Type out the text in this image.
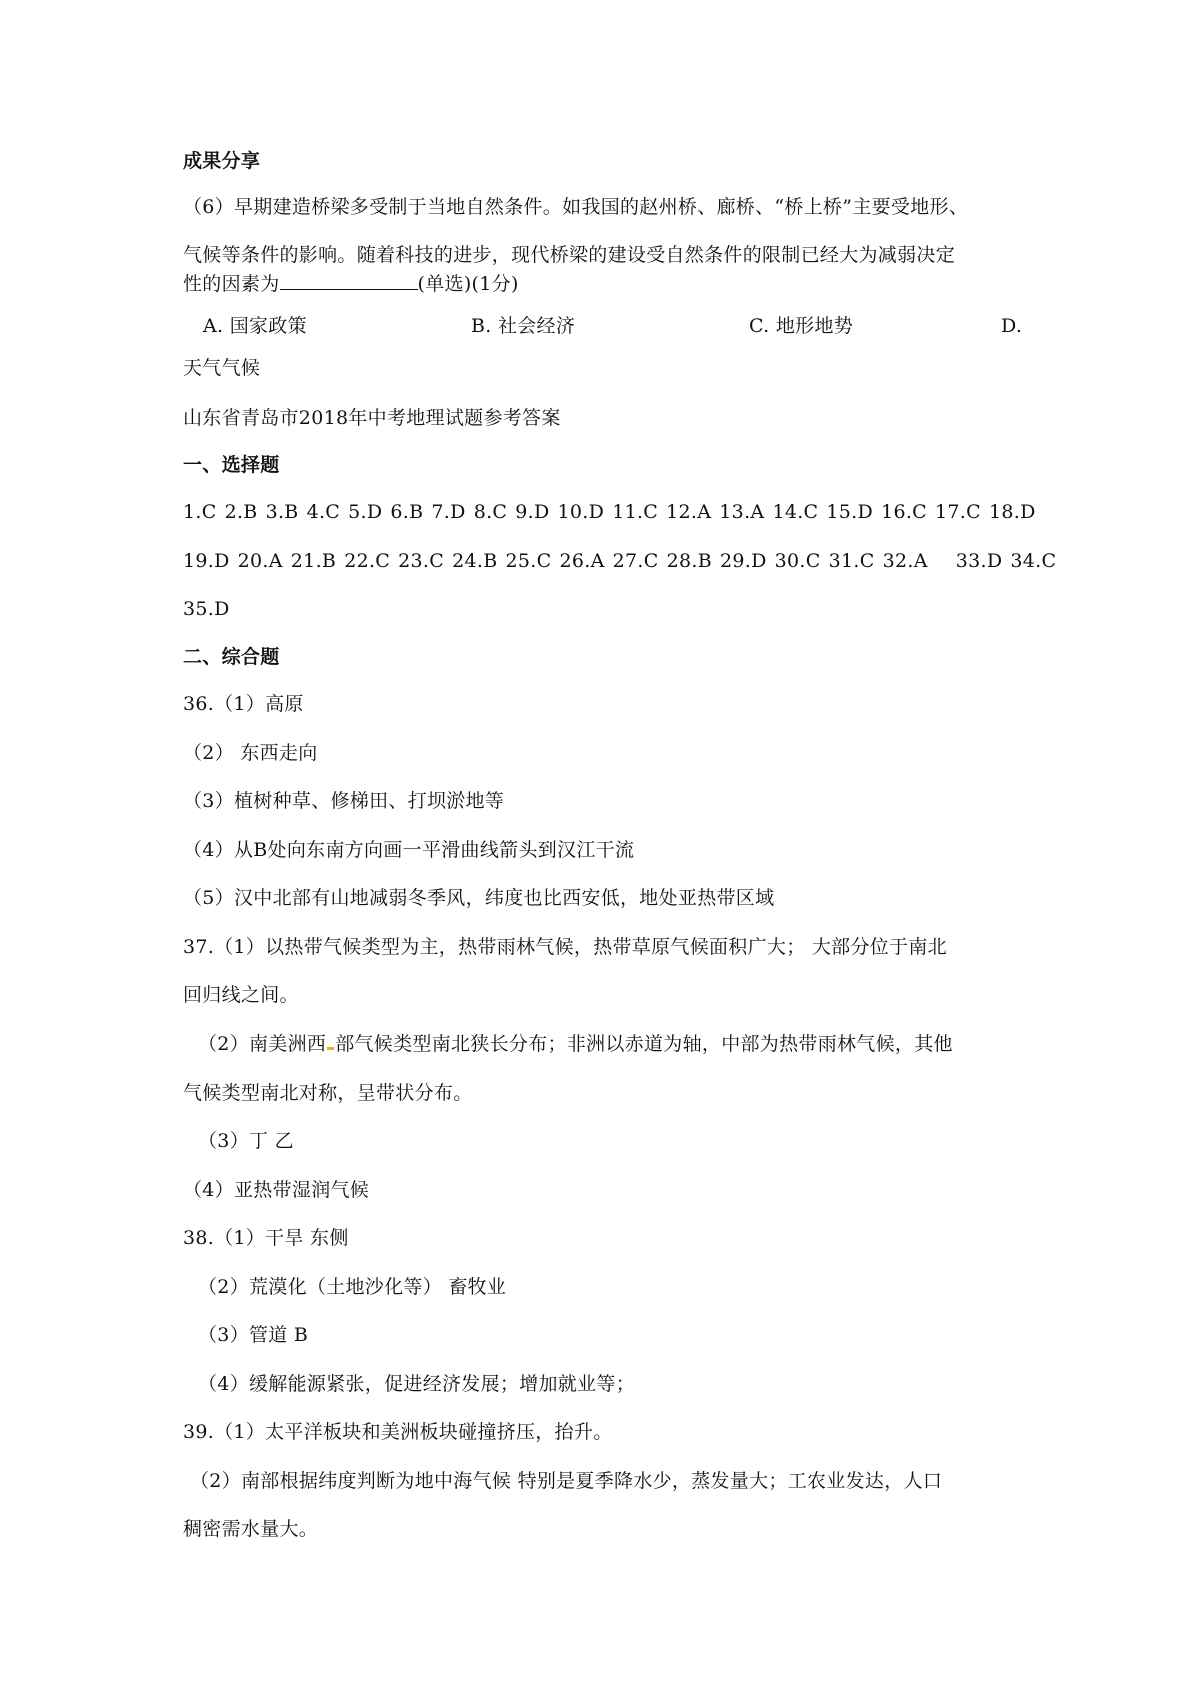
成果分享
（6）早期建造桥梁多受制于当地自然条件。如我国的赵州桥、廊桥、“桥上桥”主要受地形、
气候等条件的影响。随着科技的进步，现代桥梁的建设受自然条件的限制已经大为减弱决定
性的因素为	(单选)(1分)
A. 国家政策	B. 社会经济	C. 地形地势	D.
天气气候
山东省青岛市2018年中考地理试题参考答案
一、选择题
1.C 2.B 3.B 4.C 5.D 6.B 7.D 8.C 9.D 10.D 11.C 12.A 13.A 14.C 15.D 16.C 17.C 18.D
19.D 20.A 21.B 22.C 23.C 24.B 25.C 26.A 27.C 28.B 29.D 30.C 31.C 32.A 33.D 34.C
35.D
二、综合题
36.（1）高原
（2） 东西走向
（3）植树种草、修梯田、打坝淤地等
（4）从B处向东南方向画一平滑曲线箭头到汉江干流
（5）汉中北部有山地减弱冬季风，纬度也比西安低，地处亚热带区域
37.（1）以热带气候类型为主，热带雨林气候，热带草原气候面积广大； 大部分位于南北
回归线之间。
（2）南美洲西 部气候类型南北狭长分布；非洲以赤道为轴，中部为热带雨林气候，其他
气候类型南北对称，呈带状分布。
（3）丁 乙
（4）亚热带湿润气候
38.（1）干旱 东侧
（2）荒漠化（土地沙化等） 畜牧业
（3）管道 B
（4）缓解能源紧张，促进经济发展；增加就业等；
39.（1）太平洋板块和美洲板块碰撞挤压，抬升。
（2）南部根据纬度判断为地中海气候 特别是夏季降水少，蒸发量大；工农业发达，人口
稠密需水量大。
